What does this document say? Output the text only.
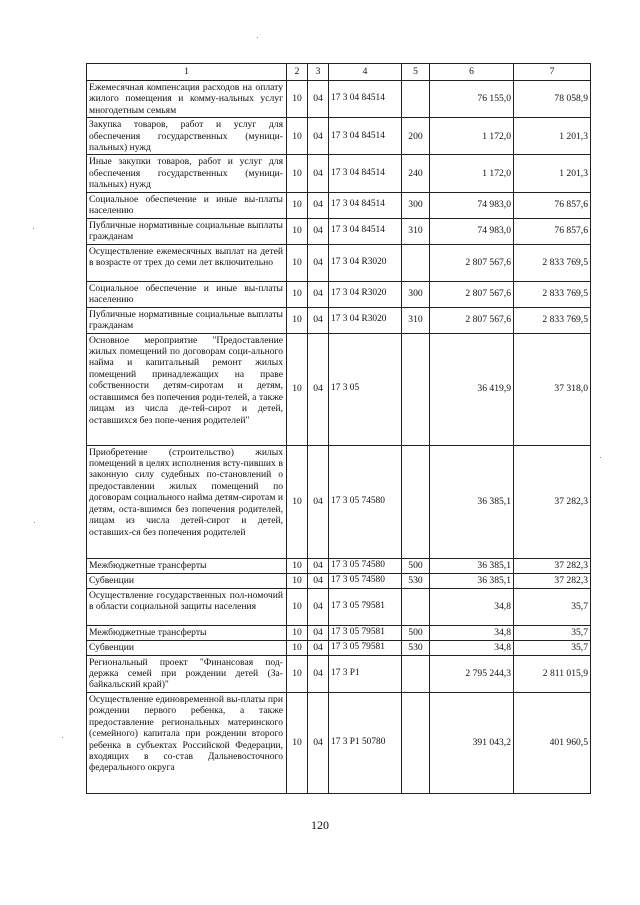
1	2	3	4	5	6	7
Ежемесячная компенсация расходов на оплату жилого помещения и комму-нальных услуг многодетным семьям	10	04	17 3 04 84514		76 155,0	78 058,9
Закупка товаров, работ и услуг для обеспечения государственных (муници-пальных) нужд	10	04	17 3 04 84514	200	1 172,0	1 201,3
Иные закупки товаров, работ и услуг для обеспечения государственных (муници-пальных) нужд	10	04	17 3 04 84514	240	1 172,0	1 201,3
Социальное обеспечение и иные вы-платы населению	10	04	17 3 04 84514	300	74 983,0	76 857,6
Публичные нормативные социальные выплаты гражданам	10	04	17 3 04 84514	310	74 983,0	76 857,6
Осуществление ежемесячных выплат на детей в возрасте от трех до семи лет включительно	10	04	17 3 04 R3020		2 807 567,6	2 833 769,5
Социальное обеспечение и иные вы-платы населению	10	04	17 3 04 R3020	300	2 807 567,6	2 833 769,5
Публичные нормативные социальные выплаты гражданам	10	04	17 3 04 R3020	310	2 807 567,6	2 833 769,5
Основное мероприятие "Предоставление жилых помещений по договорам соци-ального найма и капитальный ремонт жилых помещений принадлежащих на праве собственности детям-сиротам и детям, оставшимся без попечения роди-телей, а также лицам из числа де-тей-сирот и детей, оставшихся без попе-чения родителей"	10	04	17 3 05		36 419,9	37 318,0
Приобретение (строительство) жилых помещений в целях исполнения всту-пивших в законную силу судебных по-становлений о предоставлении жилых помещений по договорам социального найма детям-сиротам и детям, оста-вшимся без попечения родителей, лицам из числа детей-сирот и детей, оставших-ся без попечения родителей	10	04	17 3 05 74580		36 385,1	37 282,3
Межбюджетные трансферты	10	04	17 3 05 74580	500	36 385,1	37 282,3
Субвенции	10	04	17 3 05 74580	530	36 385,1	37 282,3
Осуществление государственных пол-номочий в области социальной защиты населения	10	04	17 3 05 79581		34,8	35,7
Межбюджетные трансферты	10	04	17 3 05 79581	500	34,8	35,7
Субвенции	10	04	17 3 05 79581	530	34,8	35,7
Региональный проект "Финансовая под-держка семей при рождении детей (За-байкальский край)"	10	04	17 3 P1		2 795 244,3	2 811 015,9
Осуществление единовременной вы-платы при рождении первого ребенка, а также предоставление региональных материнского (семейного) капитала при рождении второго ребенка в субъектах Российской Федерации, входящих в со-став Дальневосточного федерального округа	10	04	17 3 P1 50780		391 043,2	401 960,5
120
